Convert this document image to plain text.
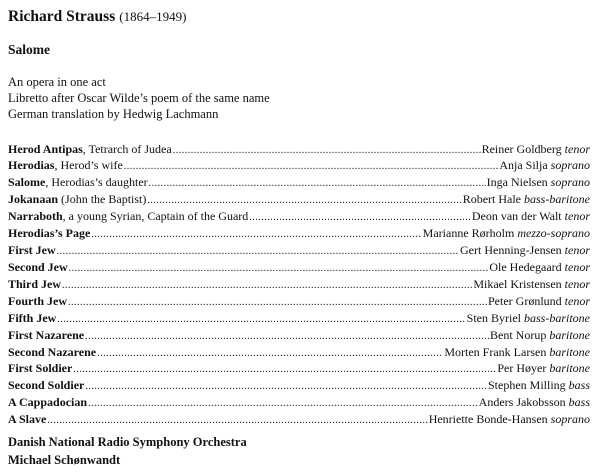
Richard Strauss (1864–1949)
Salome
An opera in one act
Libretto after Oscar Wilde’s poem of the same name
German translation by Hedwig Lachmann
Herod Antipas, Tetrarch of Judea .....	Reiner Goldberg tenor
Herodias, Herod’s wife .....	Anja Silja soprano
Salome, Herodias’s daughter .....	Inga Nielsen soprano
Jokanaan (John the Baptist) .....	Robert Hale bass-baritone
Narraboth, a young Syrian, Captain of the Guard .....	Deon van der Walt tenor
Herodias’s Page .....	Marianne Rørholm mezzo-soprano
First Jew .....	Gert Henning-Jensen tenor
Second Jew .....	Ole Hedegaard tenor
Third Jew .....	Mikael Kristensen tenor
Fourth Jew .....	Peter Grønlund tenor
Fifth Jew .....	Sten Byriel bass-baritone
First Nazarene .....	Bent Norup baritone
Second Nazarene .....	Morten Frank Larsen baritone
First Soldier .....	Per Høyer baritone
Second Soldier .....	Stephen Milling bass
A Cappadocian .....	Anders Jakobsson bass
A Slave .....	Henriette Bonde-Hansen soprano
Danish National Radio Symphony Orchestra
Michael Schønwandt
